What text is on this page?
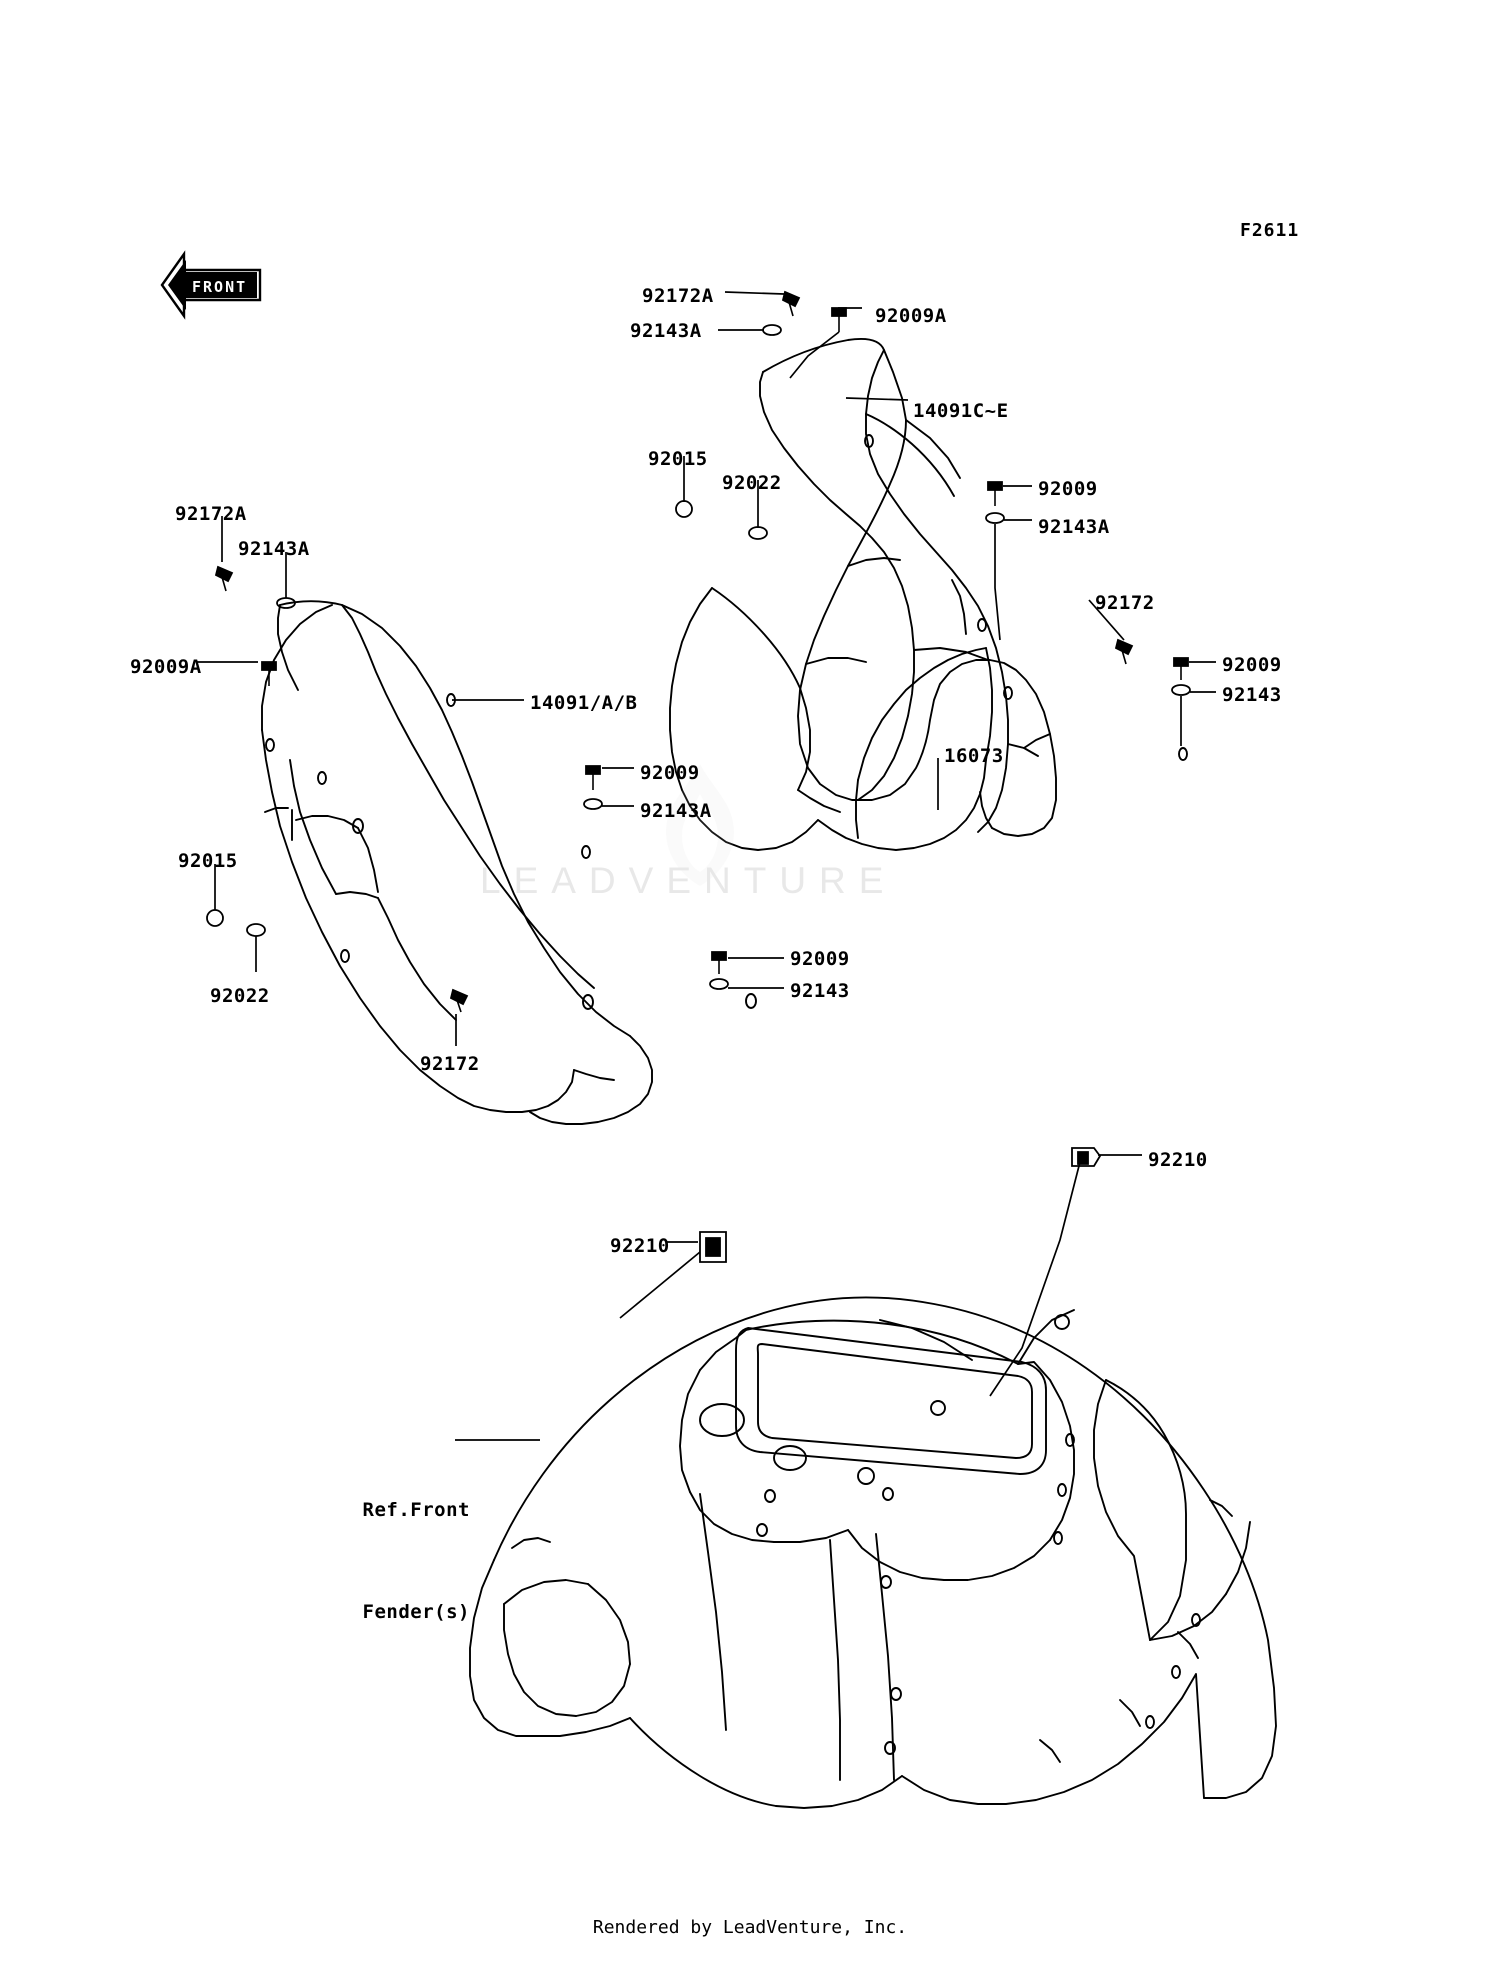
F2611
FRONT
LEADVENTURE
92172A
92009A
92143A
14091C~E
92015
92022	92009
92143A
92172
92009
92143
92172A
92143A
92009A
14091/A/B
92009
92143A
16073
92015
92022
92172
92009
92143
92210
92210

Ref.Front

Fender(s)

Rendered by LeadVenture, Inc.
